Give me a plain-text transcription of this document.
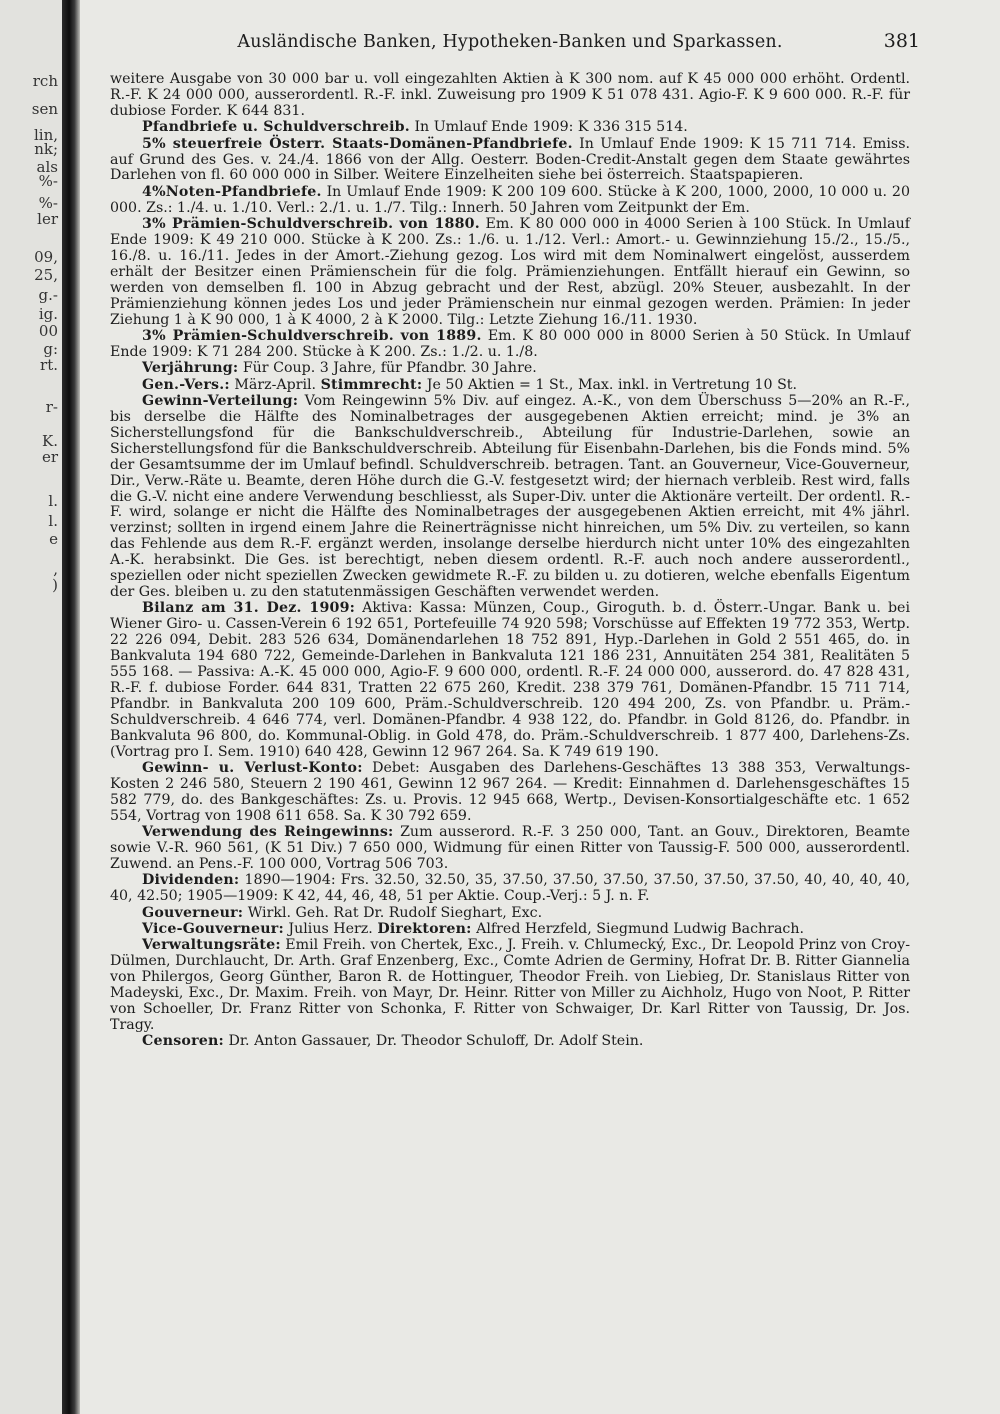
rch
sen
lin,
nk;
als
%-
%-
ler
09,
25,
g.-
ig.
00
g:
rt.
r-
K.
er
l.
l.
e
,
)
Ausländische Banken, Hypotheken-Banken und Sparkassen.	381

weitere Ausgabe von 30 000 bar u. voll eingezahlten Aktien à K 300 nom. auf K 45 000 000 erhöht. Ordentl. R.-F. K 24 000 000, ausserordentl. R.-F. inkl. Zuweisung pro 1909 K 51 078 431. Agio-F. K 9 600 000. R.-F. für dubiose Forder. K 644 831.

Pfandbriefe u. Schuldverschreib. In Umlauf Ende 1909: K 336 315 514.

5% steuerfreie Österr. Staats-Domänen-Pfandbriefe. In Umlauf Ende 1909: K 15 711 714. Emiss. auf Grund des Ges. v. 24./4. 1866 von der Allg. Oesterr. Boden-Credit-Anstalt gegen dem Staate gewährtes Darlehen von fl. 60 000 000 in Silber. Weitere Einzelheiten siehe bei österreich. Staatspapieren.

4%Noten-Pfandbriefe. In Umlauf Ende 1909: K 200 109 600. Stücke à K 200, 1000, 2000, 10 000 u. 20 000. Zs.: 1./4. u. 1./10. Verl.: 2./1. u. 1./7. Tilg.: Innerh. 50 Jahren vom Zeitpunkt der Em.

3% Prämien-Schuldverschreib. von 1880. Em. K 80 000 000 in 4000 Serien à 100 Stück. In Umlauf Ende 1909: K 49 210 000. Stücke à K 200. Zs.: 1./6. u. 1./12. Verl.: Amort.- u. Gewinnziehung 15./2., 15./5., 16./8. u. 16./11. Jedes in der Amort.-Ziehung gezog. Los wird mit dem Nominalwert eingelöst, ausserdem erhält der Besitzer einen Prämienschein für die folg. Prämienziehungen. Entfällt hierauf ein Gewinn, so werden von demselben fl. 100 in Abzug gebracht und der Rest, abzügl. 20% Steuer, ausbezahlt. In der Prämienziehung können jedes Los und jeder Prämienschein nur einmal gezogen werden. Prämien: In jeder Ziehung 1 à K 90 000, 1 à K 4000, 2 à K 2000. Tilg.: Letzte Ziehung 16./11. 1930.

3% Prämien-Schuldverschreib. von 1889. Em. K 80 000 000 in 8000 Serien à 50 Stück. In Umlauf Ende 1909: K 71 284 200. Stücke à K 200. Zs.: 1./2. u. 1./8.

Verjährung: Für Coup. 3 Jahre, für Pfandbr. 30 Jahre.

Gen.-Vers.: März-April. Stimmrecht: Je 50 Aktien = 1 St., Max. inkl. in Vertretung 10 St.

Gewinn-Verteilung: Vom Reingewinn 5% Div. auf eingez. A.-K., von dem Überschuss 5—20% an R.-F., bis derselbe die Hälfte des Nominalbetrages der ausgegebenen Aktien erreicht; mind. je 3% an Sicherstellungsfond für die Bankschuldverschreib., Abteilung für Industrie-Darlehen, sowie an Sicherstellungsfond für die Bankschuldverschreib. Abteilung für Eisenbahn-Darlehen, bis die Fonds mind. 5% der Gesamtsumme der im Umlauf befindl. Schuldverschreib. betragen. Tant. an Gouverneur, Vice-Gouverneur, Dir., Verw.-Räte u. Beamte, deren Höhe durch die G.-V. festgesetzt wird; der hiernach verbleib. Rest wird, falls die G.-V. nicht eine andere Verwendung beschliesst, als Super-Div. unter die Aktionäre verteilt. Der ordentl. R.-F. wird, solange er nicht die Hälfte des Nominalbetrages der ausgegebenen Aktien erreicht, mit 4% jährl. verzinst; sollten in irgend einem Jahre die Reinerträgnisse nicht hinreichen, um 5% Div. zu verteilen, so kann das Fehlende aus dem R.-F. ergänzt werden, insolange derselbe hierdurch nicht unter 10% des eingezahlten A.-K. herabsinkt. Die Ges. ist berechtigt, neben diesem ordentl. R.-F. auch noch andere ausserordentl., speziellen oder nicht speziellen Zwecken gewidmete R.-F. zu bilden u. zu dotieren, welche ebenfalls Eigentum der Ges. bleiben u. zu den statutenmässigen Geschäften verwendet werden.

Bilanz am 31. Dez. 1909: Aktiva: Kassa: Münzen, Coup., Giroguth. b. d. Österr.-Ungar. Bank u. bei Wiener Giro- u. Cassen-Verein 6 192 651, Portefeuille 74 920 598; Vorschüsse auf Effekten 19 772 353, Wertp. 22 226 094, Debit. 283 526 634, Domänendarlehen 18 752 891, Hyp.-Darlehen in Gold 2 551 465, do. in Bankvaluta 194 680 722, Gemeinde-Darlehen in Bankvaluta 121 186 231, Annuitäten 254 381, Realitäten 5 555 168. — Passiva: A.-K. 45 000 000, Agio-F. 9 600 000, ordentl. R.-F. 24 000 000, ausserord. do. 47 828 431, R.-F. f. dubiose Forder. 644 831, Tratten 22 675 260, Kredit. 238 379 761, Domänen-Pfandbr. 15 711 714, Pfandbr. in Bankvaluta 200 109 600, Präm.-Schuldverschreib. 120 494 200, Zs. von Pfandbr. u. Präm.-Schuldverschreib. 4 646 774, verl. Domänen-Pfandbr. 4 938 122, do. Pfandbr. in Gold 8126, do. Pfandbr. in Bankvaluta 96 800, do. Kommunal-Oblig. in Gold 478, do. Präm.-Schuldverschreib. 1 877 400, Darlehens-Zs. (Vortrag pro I. Sem. 1910) 640 428, Gewinn 12 967 264. Sa. K 749 619 190.

Gewinn- u. Verlust-Konto: Debet: Ausgaben des Darlehens-Geschäftes 13 388 353, Verwaltungs-Kosten 2 246 580, Steuern 2 190 461, Gewinn 12 967 264. — Kredit: Einnahmen d. Darlehensgeschäftes 15 582 779, do. des Bankgeschäftes: Zs. u. Provis. 12 945 668, Wertp., Devisen-Konsortialgeschäfte etc. 1 652 554, Vortrag von 1908 611 658. Sa. K 30 792 659.

Verwendung des Reingewinns: Zum ausserord. R.-F. 3 250 000, Tant. an Gouv., Direktoren, Beamte sowie V.-R. 960 561, (K 51 Div.) 7 650 000, Widmung für einen Ritter von Taussig-F. 500 000, ausserordentl. Zuwend. an Pens.-F. 100 000, Vortrag 506 703.

Dividenden: 1890—1904: Frs. 32.50, 32.50, 35, 37.50, 37.50, 37.50, 37.50, 37.50, 37.50, 40, 40, 40, 40, 40, 42.50; 1905—1909: K 42, 44, 46, 48, 51 per Aktie. Coup.-Verj.: 5 J. n. F.

Gouverneur: Wirkl. Geh. Rat Dr. Rudolf Sieghart, Exc.

Vice-Gouverneur: Julius Herz. Direktoren: Alfred Herzfeld, Siegmund Ludwig Bachrach.

Verwaltungsräte: Emil Freih. von Chertek, Exc., J. Freih. v. Chlumecký, Exc., Dr. Leopold Prinz von Croy-Dülmen, Durchlaucht, Dr. Arth. Graf Enzenberg, Exc., Comte Adrien de Germiny, Hofrat Dr. B. Ritter Giannelia von Philergos, Georg Günther, Baron R. de Hottinguer, Theodor Freih. von Liebieg, Dr. Stanislaus Ritter von Madeyski, Exc., Dr. Maxim. Freih. von Mayr, Dr. Heinr. Ritter von Miller zu Aichholz, Hugo von Noot, P. Ritter von Schoeller, Dr. Franz Ritter von Schonka, F. Ritter von Schwaiger, Dr. Karl Ritter von Taussig, Dr. Jos. Tragy.

Censoren: Dr. Anton Gassauer, Dr. Theodor Schuloff, Dr. Adolf Stein.
